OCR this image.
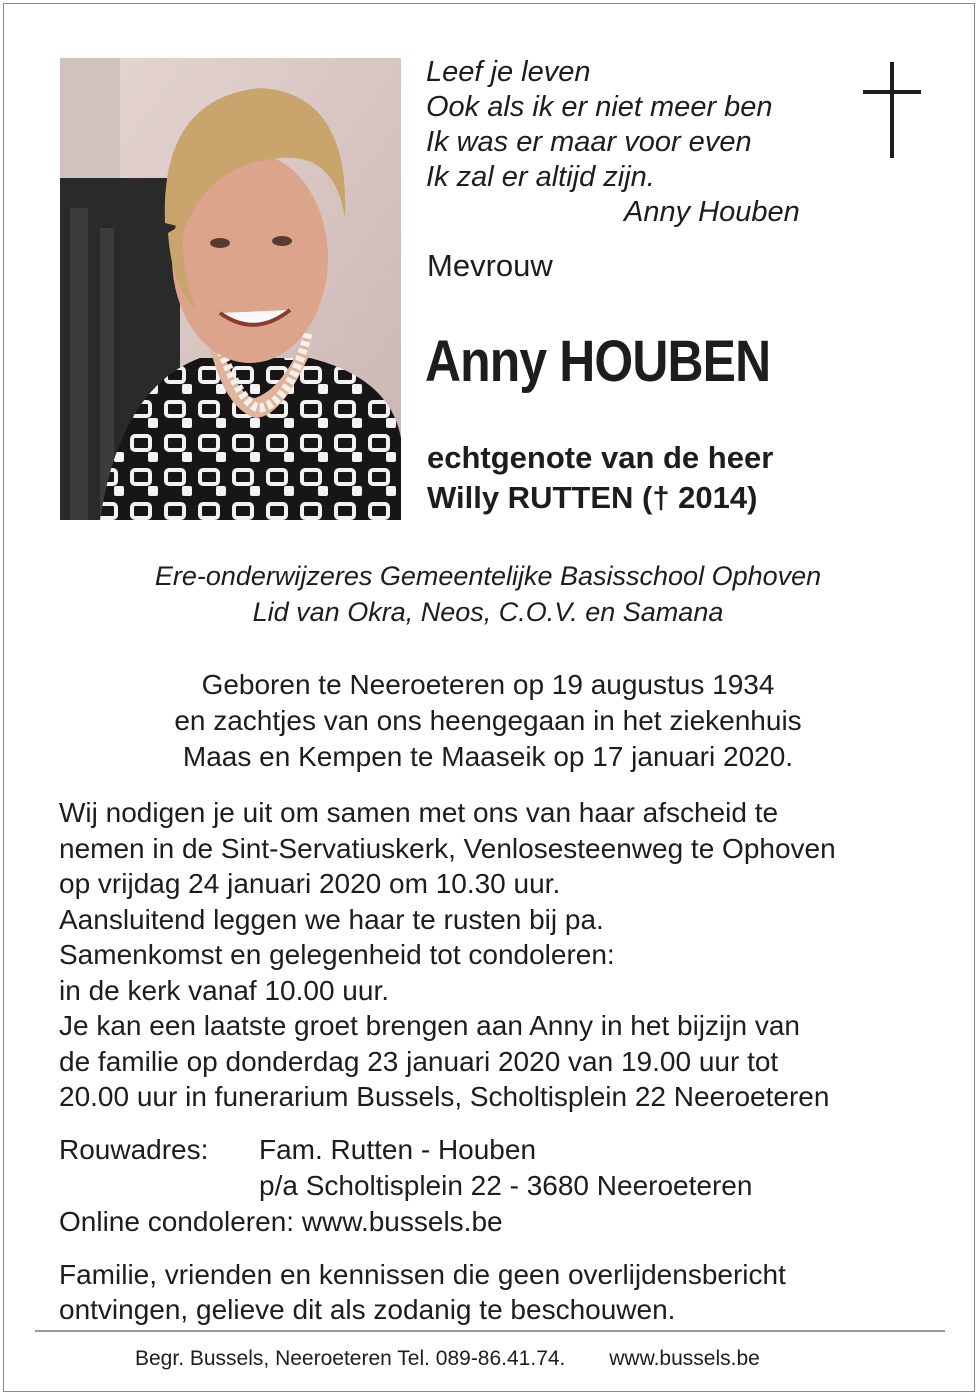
Leef je leven
Ook als ik er niet meer ben
Ik was er maar voor even
Ik zal er altijd zijn.
Anny Houben
Mevrouw
Anny HOUBEN
echtgenote van de heer
Willy RUTTEN († 2014)
Ere-onderwijzeres Gemeentelijke Basisschool Ophoven
Lid van Okra, Neos, C.O.V. en Samana
Geboren te Neeroeteren op 19 augustus 1934
en zachtjes van ons heengegaan in het ziekenhuis
Maas en Kempen te Maaseik op 17 januari 2020.
Wij nodigen je uit om samen met ons van haar afscheid te
nemen in de Sint-Servatiuskerk, Venlosesteenweg te Ophoven
op vrijdag 24 januari 2020 om 10.30 uur.
Aansluitend leggen we haar te rusten bij pa.
Samenkomst en gelegenheid tot condoleren:
in de kerk vanaf 10.00 uur.
Je kan een laatste groet brengen aan Anny in het bijzijn van
de familie op donderdag 23 januari 2020 van 19.00 uur tot
20.00 uur in funerarium Bussels, Scholtisplein 22 Neeroeteren
Rouwadres:	Fam. Rutten - Houben
p/a Scholtisplein 22 - 3680 Neeroeteren
Online condoleren: www.bussels.be
Familie, vrienden en kennissen die geen overlijdensbericht
ontvingen, gelieve dit als zodanig te beschouwen.
Begr. Bussels, Neeroeteren Tel. 089-86.41.74. www.bussels.be
